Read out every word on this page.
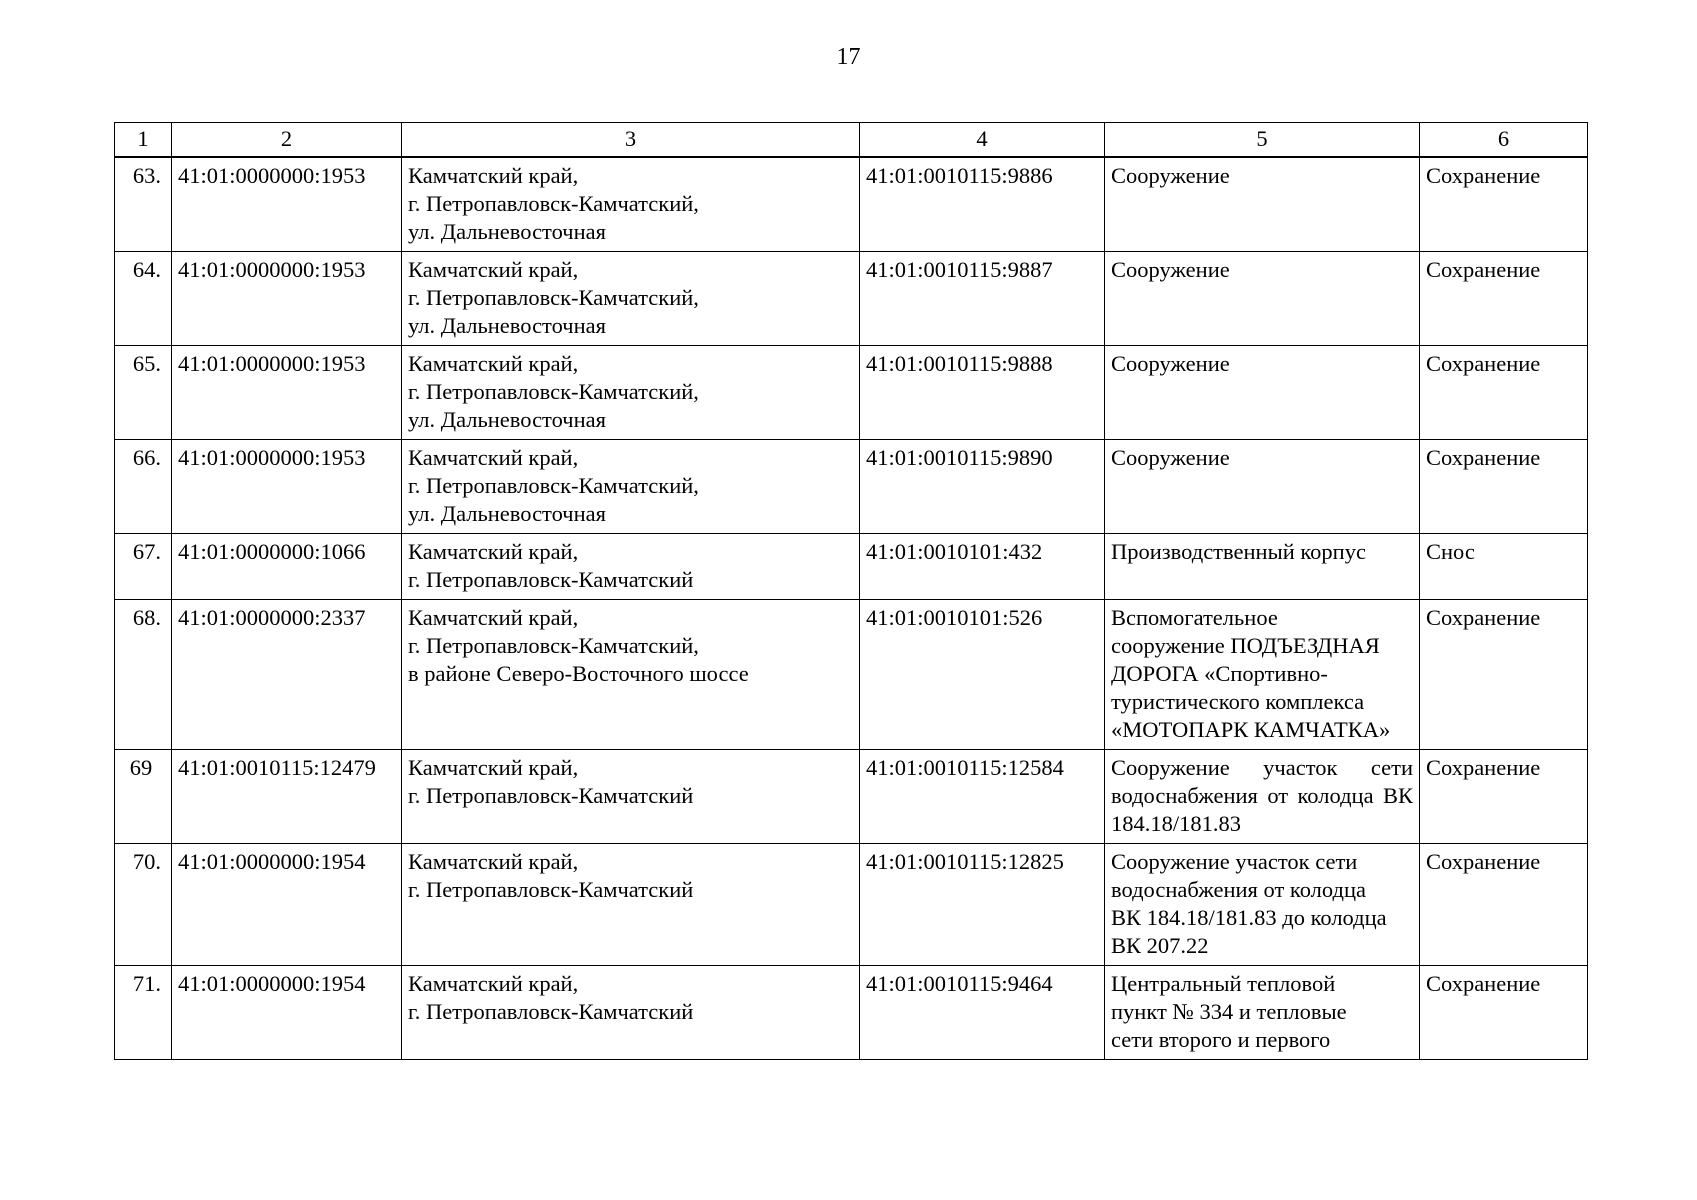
17
1	2	3	4	5	6
63.	41:01:0000000:1953	Камчатский край,
г. Петропавловск-Камчатский,
ул. Дальневосточная	41:01:0010115:9886	Сооружение	Сохранение
64.	41:01:0000000:1953	Камчатский край,
г. Петропавловск-Камчатский,
ул. Дальневосточная	41:01:0010115:9887	Сооружение	Сохранение
65.	41:01:0000000:1953	Камчатский край,
г. Петропавловск-Камчатский,
ул. Дальневосточная	41:01:0010115:9888	Сооружение	Сохранение
66.	41:01:0000000:1953	Камчатский край,
г. Петропавловск-Камчатский,
ул. Дальневосточная	41:01:0010115:9890	Сооружение	Сохранение
67.	41:01:0000000:1066	Камчатский край,
г. Петропавловск-Камчатский	41:01:0010101:432	Производственный корпус	Снос
68.	41:01:0000000:2337	Камчатский край,
г. Петропавловск-Камчатский,
в районе Северо-Восточного шоссе	41:01:0010101:526	Вспомогательное
сооружение ПОДЪЕЗДНАЯ
ДОРОГА «Спортивно-
туристического комплекса
«МОТОПАРК КАМЧАТКА»	Сохранение
69	41:01:0010115:12479	Камчатский край,
г. Петропавловск-Камчатский	41:01:0010115:12584	Сооружение участок сети водоснабжения от колодца ВК 184.18/181.83	Сохранение
70.	41:01:0000000:1954	Камчатский край,
г. Петропавловск-Камчатский	41:01:0010115:12825	Сооружение участок сети
водоснабжения от колодца
ВК 184.18/181.83 до колодца
ВК 207.22	Сохранение
71.	41:01:0000000:1954	Камчатский край,
г. Петропавловск-Камчатский	41:01:0010115:9464	Центральный тепловой
пункт № 334 и тепловые
сети второго и первого	Сохранение
